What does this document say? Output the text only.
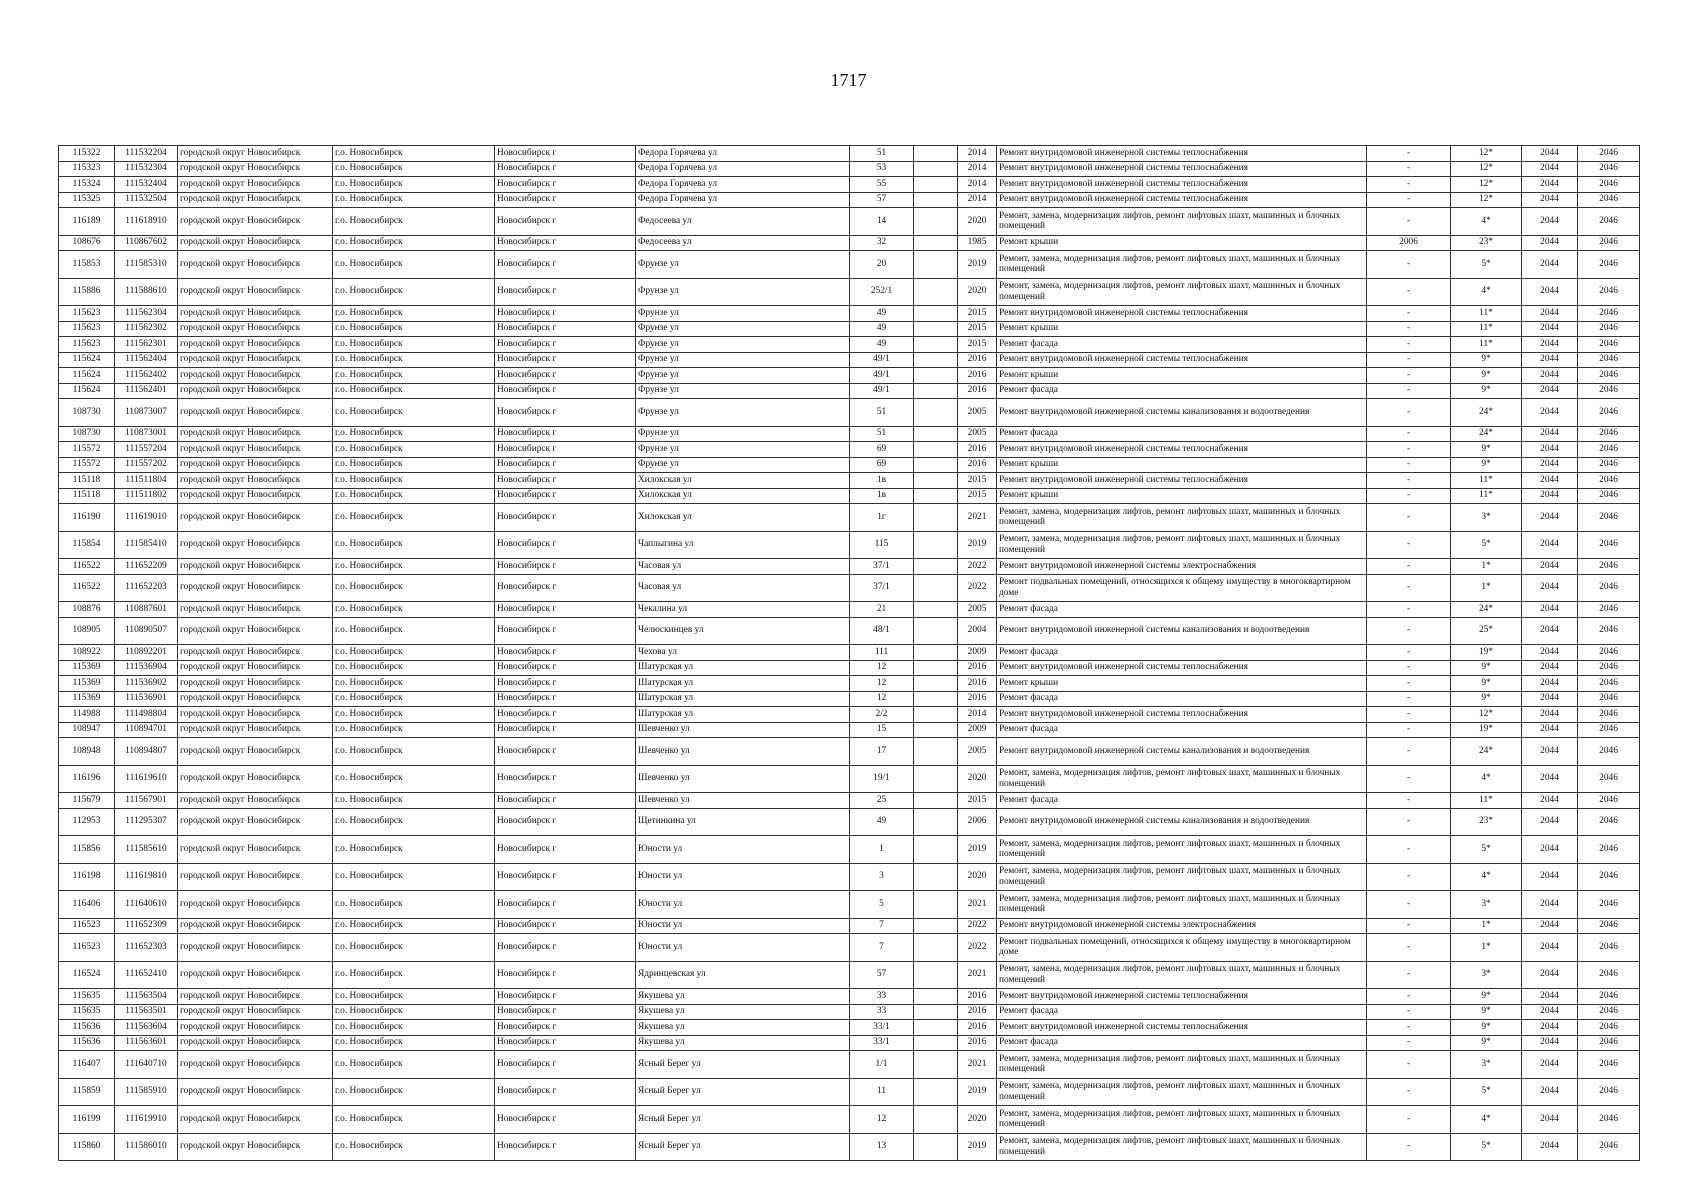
1717
115322	111532204	городской округ Новосибирск	г.о. Новосибирск	Новосибирск г	Федора Горячева ул	51		2014	Ремонт внутридомовой инженерной системы теплоснабжения	-	12*	2044	2046
115323	111532304	городской округ Новосибирск	г.о. Новосибирск	Новосибирск г	Федора Горячева ул	53		2014	Ремонт внутридомовой инженерной системы теплоснабжения	-	12*	2044	2046
115324	111532404	городской округ Новосибирск	г.о. Новосибирск	Новосибирск г	Федора Горячева ул	55		2014	Ремонт внутридомовой инженерной системы теплоснабжения	-	12*	2044	2046
115325	111532504	городской округ Новосибирск	г.о. Новосибирск	Новосибирск г	Федора Горячева ул	57		2014	Ремонт внутридомовой инженерной системы теплоснабжения	-	12*	2044	2046
116189	111618910	городской округ Новосибирск	г.о. Новосибирск	Новосибирск г	Федосеева ул	14		2020	Ремонт, замена, модернизация лифтов, ремонт лифтовых шахт, машинных и блочных помещений	-	4*	2044	2046
108676	110867602	городской округ Новосибирск	г.о. Новосибирск	Новосибирск г	Федосеева ул	32		1985	Ремонт крыши	2006	23*	2044	2046
115853	111585310	городской округ Новосибирск	г.о. Новосибирск	Новосибирск г	Фрунзе ул	20		2019	Ремонт, замена, модернизация лифтов, ремонт лифтовых шахт, машинных и блочных помещений	-	5*	2044	2046
115886	111588610	городской округ Новосибирск	г.о. Новосибирск	Новосибирск г	Фрунзе ул	252/1		2020	Ремонт, замена, модернизация лифтов, ремонт лифтовых шахт, машинных и блочных помещений	-	4*	2044	2046
115623	111562304	городской округ Новосибирск	г.о. Новосибирск	Новосибирск г	Фрунзе ул	49		2015	Ремонт внутридомовой инженерной системы теплоснабжения	-	11*	2044	2046
115623	111562302	городской округ Новосибирск	г.о. Новосибирск	Новосибирск г	Фрунзе ул	49		2015	Ремонт крыши	-	11*	2044	2046
115623	111562301	городской округ Новосибирск	г.о. Новосибирск	Новосибирск г	Фрунзе ул	49		2015	Ремонт фасада	-	11*	2044	2046
115624	111562404	городской округ Новосибирск	г.о. Новосибирск	Новосибирск г	Фрунзе ул	49/1		2016	Ремонт внутридомовой инженерной системы теплоснабжения	-	9*	2044	2046
115624	111562402	городской округ Новосибирск	г.о. Новосибирск	Новосибирск г	Фрунзе ул	49/1		2016	Ремонт крыши	-	9*	2044	2046
115624	111562401	городской округ Новосибирск	г.о. Новосибирск	Новосибирск г	Фрунзе ул	49/1		2016	Ремонт фасада	-	9*	2044	2046
108730	110873007	городской округ Новосибирск	г.о. Новосибирск	Новосибирск г	Фрунзе ул	51		2005	Ремонт внутридомовой инженерной системы канализования и водоотведения	-	24*	2044	2046
108730	110873001	городской округ Новосибирск	г.о. Новосибирск	Новосибирск г	Фрунзе ул	51		2005	Ремонт фасада	-	24*	2044	2046
115572	111557204	городской округ Новосибирск	г.о. Новосибирск	Новосибирск г	Фрунзе ул	69		2016	Ремонт внутридомовой инженерной системы теплоснабжения	-	9*	2044	2046
115572	111557202	городской округ Новосибирск	г.о. Новосибирск	Новосибирск г	Фрунзе ул	69		2016	Ремонт крыши	-	9*	2044	2046
115118	111511804	городской округ Новосибирск	г.о. Новосибирск	Новосибирск г	Хилокская ул	1в		2015	Ремонт внутридомовой инженерной системы теплоснабжения	-	11*	2044	2046
115118	111511802	городской округ Новосибирск	г.о. Новосибирск	Новосибирск г	Хилокская ул	1в		2015	Ремонт крыши	-	11*	2044	2046
116190	111619010	городской округ Новосибирск	г.о. Новосибирск	Новосибирск г	Хилокская ул	1г		2021	Ремонт, замена, модернизация лифтов, ремонт лифтовых шахт, машинных и блочных помещений	-	3*	2044	2046
115854	111585410	городской округ Новосибирск	г.о. Новосибирск	Новосибирск г	Чаплыгина ул	115		2019	Ремонт, замена, модернизация лифтов, ремонт лифтовых шахт, машинных и блочных помещений	-	5*	2044	2046
116522	111652209	городской округ Новосибирск	г.о. Новосибирск	Новосибирск г	Часовая ул	37/1		2022	Ремонт внутридомовой инженерной системы электроснабжения	-	1*	2044	2046
116522	111652203	городской округ Новосибирск	г.о. Новосибирск	Новосибирск г	Часовая ул	37/1		2022	Ремонт подвальных помещений, относящихся к общему имуществу в многоквартирном доме	-	1*	2044	2046
108876	110887601	городской округ Новосибирск	г.о. Новосибирск	Новосибирск г	Чекалина ул	21		2005	Ремонт фасада	-	24*	2044	2046
108905	110890507	городской округ Новосибирск	г.о. Новосибирск	Новосибирск г	Челюскинцев ул	48/1		2004	Ремонт внутридомовой инженерной системы канализования и водоотведения	-	25*	2044	2046
108922	110892201	городской округ Новосибирск	г.о. Новосибирск	Новосибирск г	Чехова ул	111		2009	Ремонт фасада	-	19*	2044	2046
115369	111536904	городской округ Новосибирск	г.о. Новосибирск	Новосибирск г	Шатурская ул	12		2016	Ремонт внутридомовой инженерной системы теплоснабжения	-	9*	2044	2046
115369	111536902	городской округ Новосибирск	г.о. Новосибирск	Новосибирск г	Шатурская ул	12		2016	Ремонт крыши	-	9*	2044	2046
115369	111536901	городской округ Новосибирск	г.о. Новосибирск	Новосибирск г	Шатурская ул	12		2016	Ремонт фасада	-	9*	2044	2046
114988	111498804	городской округ Новосибирск	г.о. Новосибирск	Новосибирск г	Шатурская ул	2/2		2014	Ремонт внутридомовой инженерной системы теплоснабжения	-	12*	2044	2046
108947	110894701	городской округ Новосибирск	г.о. Новосибирск	Новосибирск г	Шевченко ул	15		2009	Ремонт фасада	-	19*	2044	2046
108948	110894807	городской округ Новосибирск	г.о. Новосибирск	Новосибирск г	Шевченко ул	17		2005	Ремонт внутридомовой инженерной системы канализования и водоотведения	-	24*	2044	2046
116196	111619610	городской округ Новосибирск	г.о. Новосибирск	Новосибирск г	Шевченко ул	19/1		2020	Ремонт, замена, модернизация лифтов, ремонт лифтовых шахт, машинных и блочных помещений	-	4*	2044	2046
115679	111567901	городской округ Новосибирск	г.о. Новосибирск	Новосибирск г	Шевченко ул	25		2015	Ремонт фасада	-	11*	2044	2046
112953	111295307	городской округ Новосибирск	г.о. Новосибирск	Новосибирск г	Щетинкина ул	49		2006	Ремонт внутридомовой инженерной системы канализования и водоотведения	-	23*	2044	2046
115856	111585610	городской округ Новосибирск	г.о. Новосибирск	Новосибирск г	Юности ул	1		2019	Ремонт, замена, модернизация лифтов, ремонт лифтовых шахт, машинных и блочных помещений	-	5*	2044	2046
116198	111619810	городской округ Новосибирск	г.о. Новосибирск	Новосибирск г	Юности ул	3		2020	Ремонт, замена, модернизация лифтов, ремонт лифтовых шахт, машинных и блочных помещений	-	4*	2044	2046
116406	111640610	городской округ Новосибирск	г.о. Новосибирск	Новосибирск г	Юности ул	5		2021	Ремонт, замена, модернизация лифтов, ремонт лифтовых шахт, машинных и блочных помещений	-	3*	2044	2046
116523	111652309	городской округ Новосибирск	г.о. Новосибирск	Новосибирск г	Юности ул	7		2022	Ремонт внутридомовой инженерной системы электроснабжения	-	1*	2044	2046
116523	111652303	городской округ Новосибирск	г.о. Новосибирск	Новосибирск г	Юности ул	7		2022	Ремонт подвальных помещений, относящихся к общему имуществу в многоквартирном доме	-	1*	2044	2046
116524	111652410	городской округ Новосибирск	г.о. Новосибирск	Новосибирск г	Ядринцевская ул	57		2021	Ремонт, замена, модернизация лифтов, ремонт лифтовых шахт, машинных и блочных помещений	-	3*	2044	2046
115635	111563504	городской округ Новосибирск	г.о. Новосибирск	Новосибирск г	Якушева ул	33		2016	Ремонт внутридомовой инженерной системы теплоснабжения	-	9*	2044	2046
115635	111563501	городской округ Новосибирск	г.о. Новосибирск	Новосибирск г	Якушева ул	33		2016	Ремонт фасада	-	9*	2044	2046
115636	111563604	городской округ Новосибирск	г.о. Новосибирск	Новосибирск г	Якушева ул	33/1		2016	Ремонт внутридомовой инженерной системы теплоснабжения	-	9*	2044	2046
115636	111563601	городской округ Новосибирск	г.о. Новосибирск	Новосибирск г	Якушева ул	33/1		2016	Ремонт фасада	-	9*	2044	2046
116407	111640710	городской округ Новосибирск	г.о. Новосибирск	Новосибирск г	Ясный Берег ул	1/1		2021	Ремонт, замена, модернизация лифтов, ремонт лифтовых шахт, машинных и блочных помещений	-	3*	2044	2046
115859	111585910	городской округ Новосибирск	г.о. Новосибирск	Новосибирск г	Ясный Берег ул	11		2019	Ремонт, замена, модернизация лифтов, ремонт лифтовых шахт, машинных и блочных помещений	-	5*	2044	2046
116199	111619910	городской округ Новосибирск	г.о. Новосибирск	Новосибирск г	Ясный Берег ул	12		2020	Ремонт, замена, модернизация лифтов, ремонт лифтовых шахт, машинных и блочных помещений	-	4*	2044	2046
115860	111586010	городской округ Новосибирск	г.о. Новосибирск	Новосибирск г	Ясный Берег ул	13		2019	Ремонт, замена, модернизация лифтов, ремонт лифтовых шахт, машинных и блочных помещений	-	5*	2044	2046
